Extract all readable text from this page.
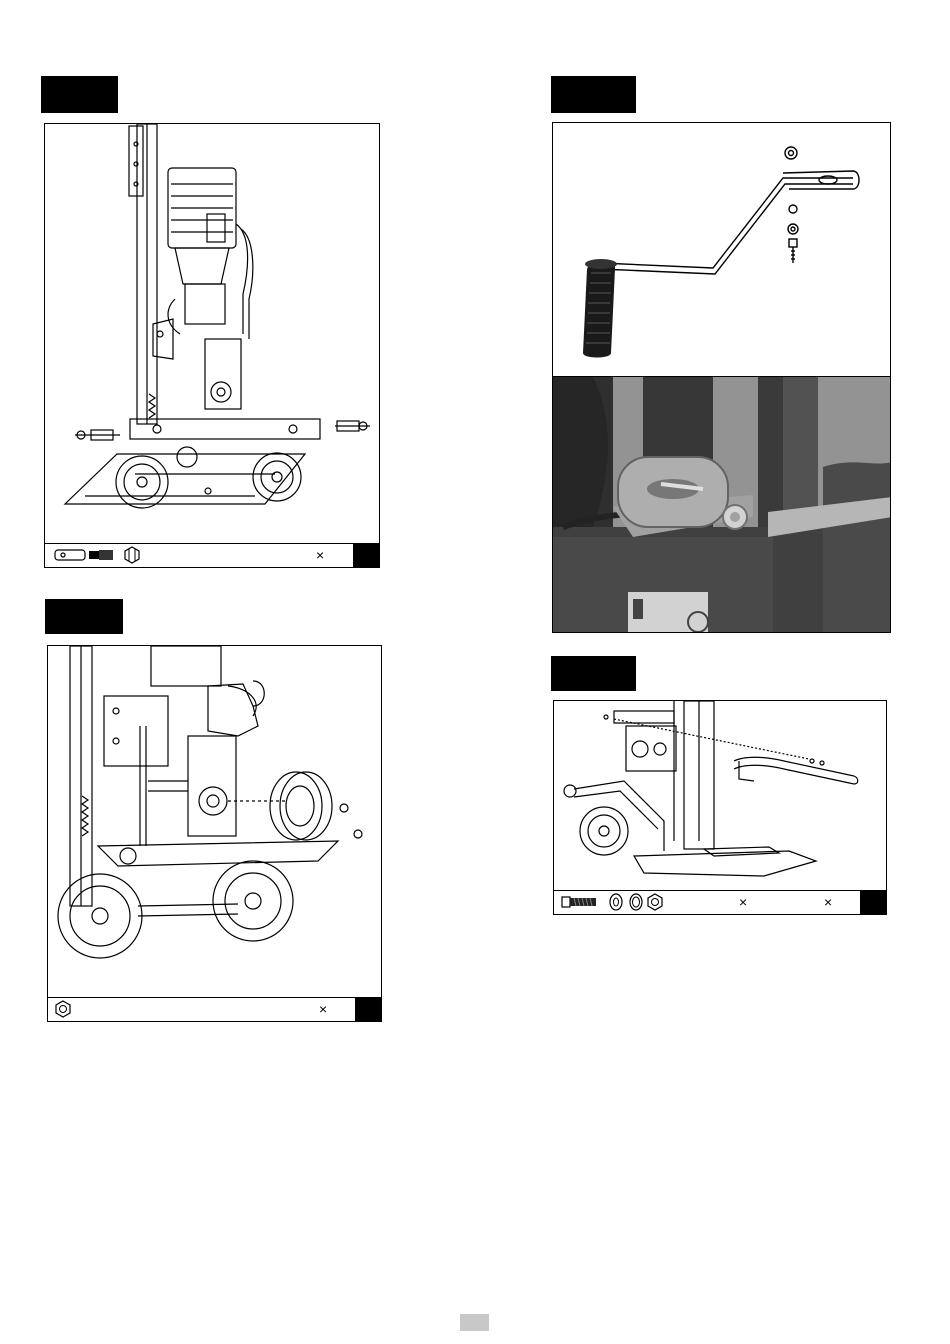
×
×
×	×
